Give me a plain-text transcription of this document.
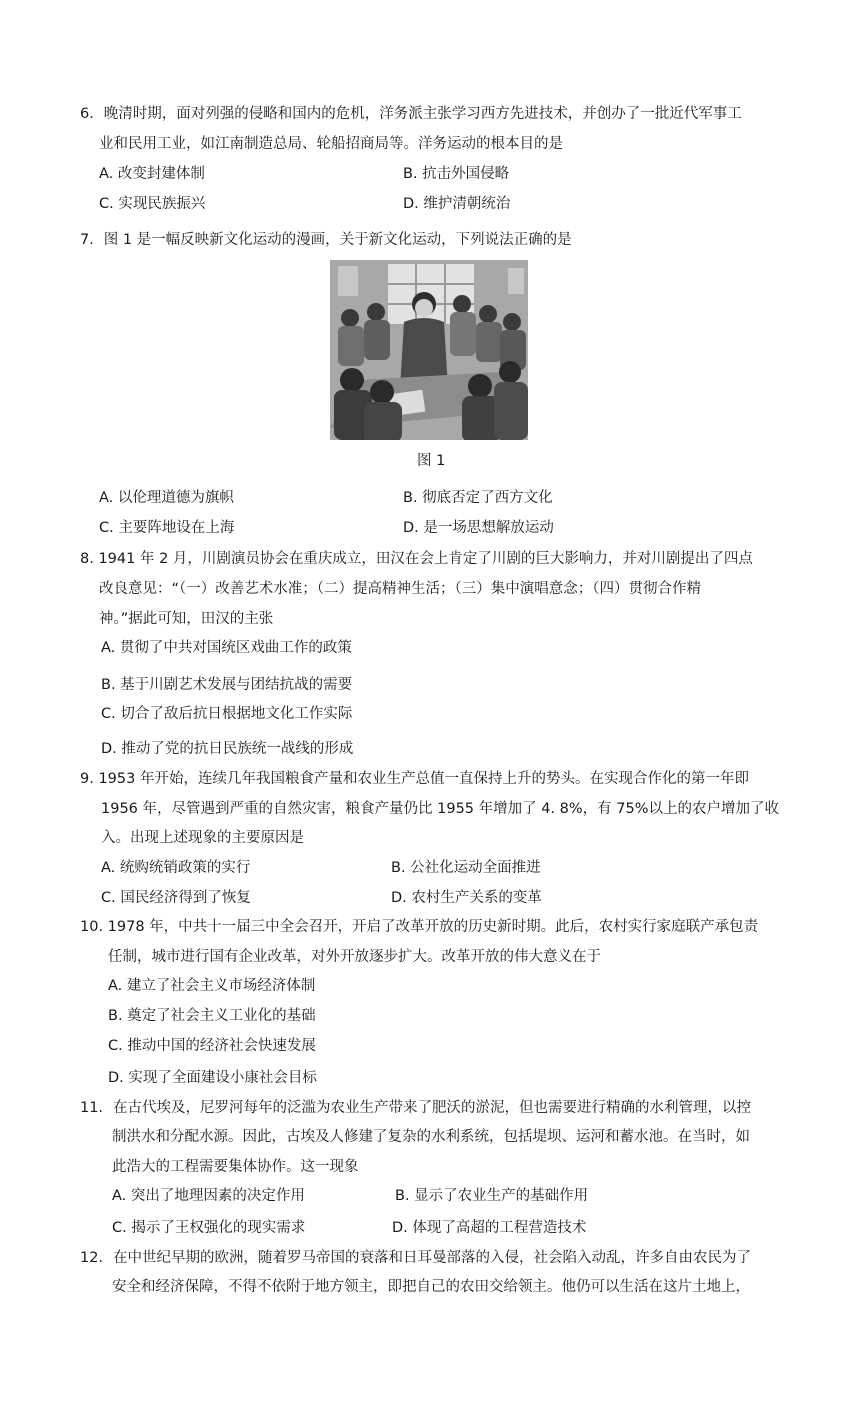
6．晚清时期，面对列强的侵略和国内的危机，洋务派主张学习西方先进技术，并创办了一批近代军事工
业和民用工业，如江南制造总局、轮船招商局等。洋务运动的根本目的是
A. 改变封建体制	B. 抗击外国侵略
C. 实现民族振兴	D. 维护清朝统治
7．图 1 是一幅反映新文化运动的漫画，关于新文化运动，下列说法正确的是
图 1
A. 以伦理道德为旗帜	B. 彻底否定了西方文化
C. 主要阵地设在上海	D. 是一场思想解放运动
8. 1941 年 2 月，川剧演员协会在重庆成立，田汉在会上肯定了川剧的巨大影响力，并对川剧提出了四点
改良意见：“（一）改善艺术水准；（二）提高精神生活；（三）集中演唱意念；（四）贯彻合作精
神。”据此可知，田汉的主张
A. 贯彻了中共对国统区戏曲工作的政策
B. 基于川剧艺术发展与团结抗战的需要
C. 切合了敌后抗日根据地文化工作实际
D. 推动了党的抗日民族统一战线的形成
9. 1953 年开始，连续几年我国粮食产量和农业生产总值一直保持上升的势头。在实现合作化的第一年即
1956 年，尽管遇到严重的自然灾害，粮食产量仍比 1955 年增加了 4. 8%，有 75%以上的农户增加了收
入。出现上述现象的主要原因是
A. 统购统销政策的实行	B. 公社化运动全面推进
C. 国民经济得到了恢复	D. 农村生产关系的变革
10. 1978 年，中共十一届三中全会召开，开启了改革开放的历史新时期。此后，农村实行家庭联产承包责
任制，城市进行国有企业改革，对外开放逐步扩大。改革开放的伟大意义在于
A. 建立了社会主义市场经济体制
B. 奠定了社会主义工业化的基础
C. 推动中国的经济社会快速发展
D. 实现了全面建设小康社会目标
11．在古代埃及，尼罗河每年的泛滥为农业生产带来了肥沃的淤泥，但也需要进行精确的水利管理，以控
制洪水和分配水源。因此，古埃及人修建了复杂的水利系统，包括堤坝、运河和蓄水池。在当时，如
此浩大的工程需要集体协作。这一现象
A. 突出了地理因素的决定作用	B. 显示了农业生产的基础作用
C. 揭示了王权强化的现实需求	D. 体现了高超的工程营造技术
12．在中世纪早期的欧洲，随着罗马帝国的衰落和日耳曼部落的入侵，社会陷入动乱，许多自由农民为了
安全和经济保障，不得不依附于地方领主，即把自己的农田交给领主。他仍可以生活在这片土地上，
